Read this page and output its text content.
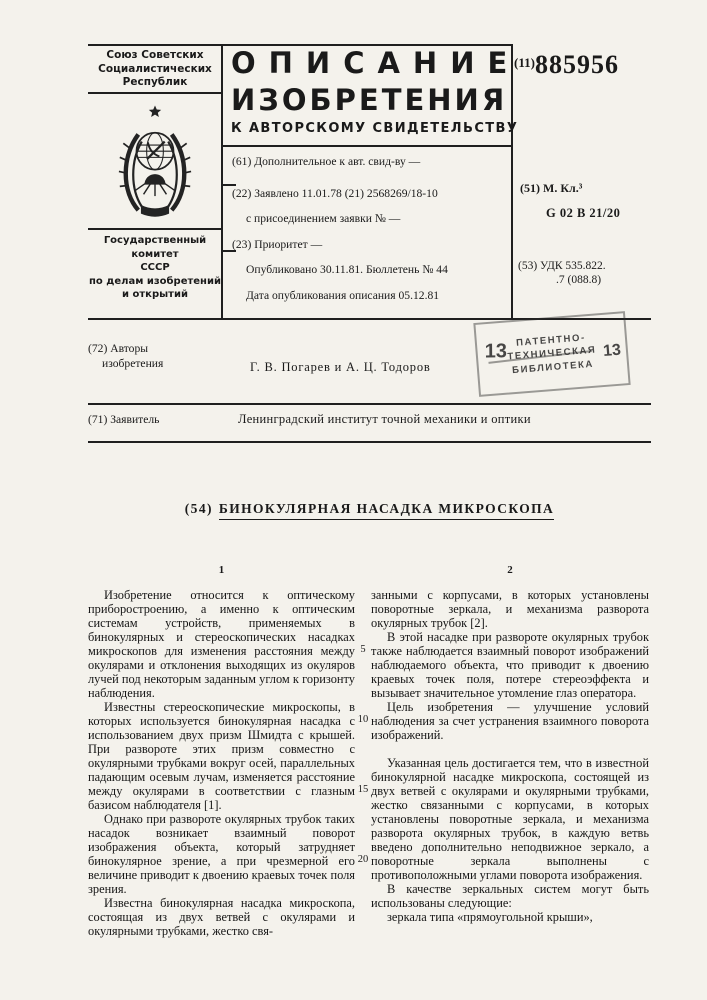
Союз Советских
Социалистических
Республик
Государственный комитет
СССР
по делам изобретений
и открытий
ОПИСАНИЕ
ИЗОБРЕТЕНИЯ
К АВТОРСКОМУ СВИДЕТЕЛЬСТВУ
$^{(11)}$885956
(51) М. Кл.³
G 02 B 21/20
(53) УДК 535.822.
.7 (088.8)
(61) Дополнительное к авт. свид-ву —
(22) Заявлено 11.01.78 (21) 2568269/18-10
с присоединением заявки № —
(23) Приоритет —
Опубликовано 30.11.81. Бюллетень № 44
Дата опубликования описания 05.12.81
(72) Авторы
изобретения	Г. В. Погарев и А. Ц. Тодоров
13
ПАТЕНТНО-
ТЕХНИЧЕСКАЯ
БИБЛИОТЕКА
13
(71) Заявитель	Ленинградский институт точной механики и оптики
(54) БИНОКУЛЯРНАЯ НАСАДКА МИКРОСКОПА
1	2

Изобретение относится к оптическому приборостроению, а именно к оптическим системам устройств, применяемых в бинокулярных и стереоскопических насадках микроскопов для изменения расстояния между окулярами и отклонения выходящих из окуляров лучей под некоторым заданным углом к горизонту наблюдения.

Известны стереоскопические микроскопы, в которых используется бинокулярная насадка с использованием двух призм Шмидта с крышей. При развороте этих призм совместно с окулярными трубками вокруг осей, параллельных падающим осевым лучам, изменяется расстояние между окулярами в соответствии с глазным базисом наблюдателя [1].

Однако при развороте окулярных трубок таких насадок возникает взаимный поворот изображения объекта, который затрудняет бинокулярное зрение, а при чрезмерной его величине приводит к двоению краевых точек поля зрения.

Известна бинокулярная насадка микроскопа, состоящая из двух ветвей с окулярами и окулярными трубками, жестко свя-

занными с корпусами, в которых установлены поворотные зеркала, и механизма разворота окулярных трубок [2].

В этой насадке при развороте окулярных трубок также наблюдается взаимный поворот изображений наблюдаемого объекта, что приводит к двоению краевых точек поля, потере стереоэффекта и вызывает значительное утомление глаз оператора.

Цель изобретения — улучшение условий наблюдения за счет устранения взаимного поворота изображений.

Указанная цель достигается тем, что в известной бинокулярной насадке микроскопа, состоящей из двух ветвей с окулярами и окулярными трубками, жестко связанными с корпусами, в которых установлены поворотные зеркала, и механизма разворота окулярных трубок, в каждую ветвь введено дополнительно неподвижное зеркало, а поворотные зеркала выполнены с противоположными углами поворота изображения.

В качестве зеркальных систем могут быть использованы следующие:

зеркала типа «прямоугольной крыши»,

5
10
15
20
